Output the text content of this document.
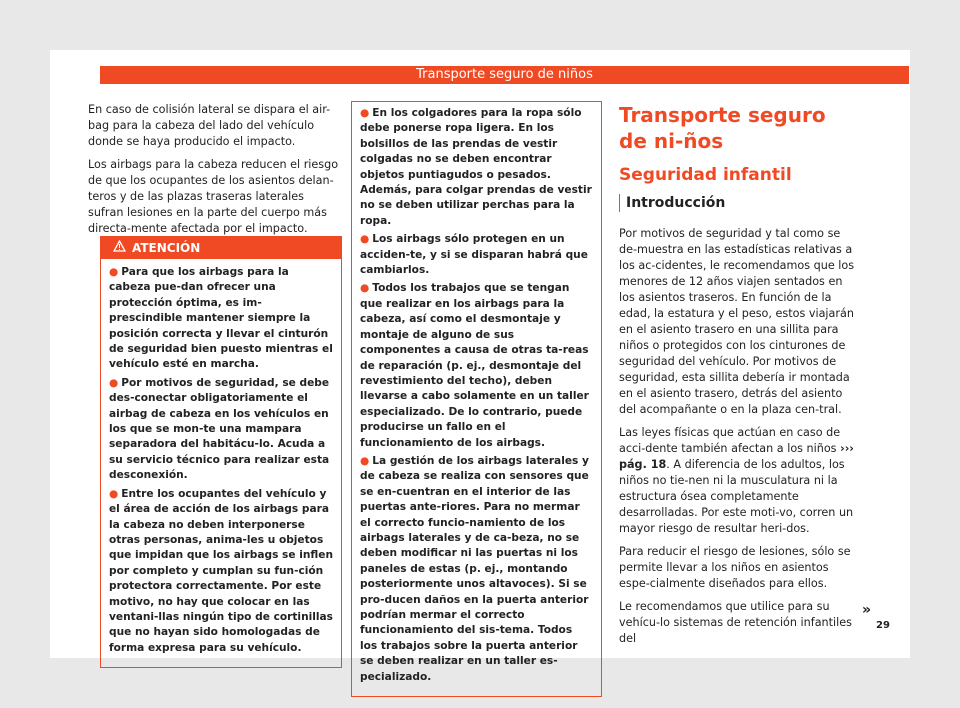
Transporte seguro de niños

En caso de colisión lateral se dispara el air-bag para la cabeza del lado del vehículo donde se haya producido el impacto.

Los airbags para la cabeza reducen el riesgo de que los ocupantes de los asientos delan-teros y de las plazas traseras laterales sufran lesiones en la parte del cuerpo más directa-mente afectada por el impacto.

ATENCIÓN
● Para que los airbags para la cabeza pue-dan ofrecer una protección óptima, es im-prescindible mantener siempre la posición correcta y llevar el cinturón de seguridad bien puesto mientras el vehículo esté en marcha.
● Por motivos de seguridad, se debe des-conectar obligatoriamente el airbag de cabeza en los vehículos en los que se mon-te una mampara separadora del habitácu-lo. Acuda a su servicio técnico para realizar esta desconexión.
● Entre los ocupantes del vehículo y el área de acción de los airbags para la cabeza no deben interponerse otras personas, anima-les u objetos que impidan que los airbags se inflen por completo y cumplan su fun-ción protectora correctamente. Por este motivo, no hay que colocar en las ventani-llas ningún tipo de cortinillas que no hayan sido homologadas de forma expresa para su vehículo.
● En los colgadores para la ropa sólo debe ponerse ropa ligera. En los bolsillos de las prendas de vestir colgadas no se deben encontrar objetos puntiagudos o pesados. Además, para colgar prendas de vestir no se deben utilizar perchas para la ropa.
● Los airbags sólo protegen en un acciden-te, y si se disparan habrá que cambiarlos.
● Todos los trabajos que se tengan que realizar en los airbags para la cabeza, así como el desmontaje y montaje de alguno de sus componentes a causa de otras ta-reas de reparación (p. ej., desmontaje del revestimiento del techo), deben llevarse a cabo solamente en un taller especializado. De lo contrario, puede producirse un fallo en el funcionamiento de los airbags.
● La gestión de los airbags laterales y de cabeza se realiza con sensores que se en-cuentran en el interior de las puertas ante-riores. Para no mermar el correcto funcio-namiento de los airbags laterales y de ca-beza, no se deben modificar ni las puertas ni los paneles de estas (p. ej., montando posteriormente unos altavoces). Si se pro-ducen daños en la puerta anterior podrían mermar el correcto funcionamiento del sis-tema. Todos los trabajos sobre la puerta anterior se deben realizar en un taller es-pecializado.
Transporte seguro de ni-ños
Seguridad infantil
Introducción

Por motivos de seguridad y tal como se de-muestra en las estadísticas relativas a los ac-cidentes, le recomendamos que los menores de 12 años viajen sentados en los asientos traseros. En función de la edad, la estatura y el peso, estos viajarán en el asiento trasero en una sillita para niños o protegidos con los cinturones de seguridad del vehículo. Por motivos de seguridad, esta sillita debería ir montada en el asiento trasero, detrás del asiento del acompañante o en la plaza cen-tral.

Las leyes físicas que actúan en caso de acci-dente también afectan a los niños ››› pág. 18. A diferencia de los adultos, los niños no tie-nen ni la musculatura ni la estructura ósea completamente desarrolladas. Por este moti-vo, corren un mayor riesgo de resultar heri-dos.

Para reducir el riesgo de lesiones, sólo se permite llevar a los niños en asientos espe-cialmente diseñados para ellos.

Le recomendamos que utilice para su vehícu-lo sistemas de retención infantiles del

»
29
